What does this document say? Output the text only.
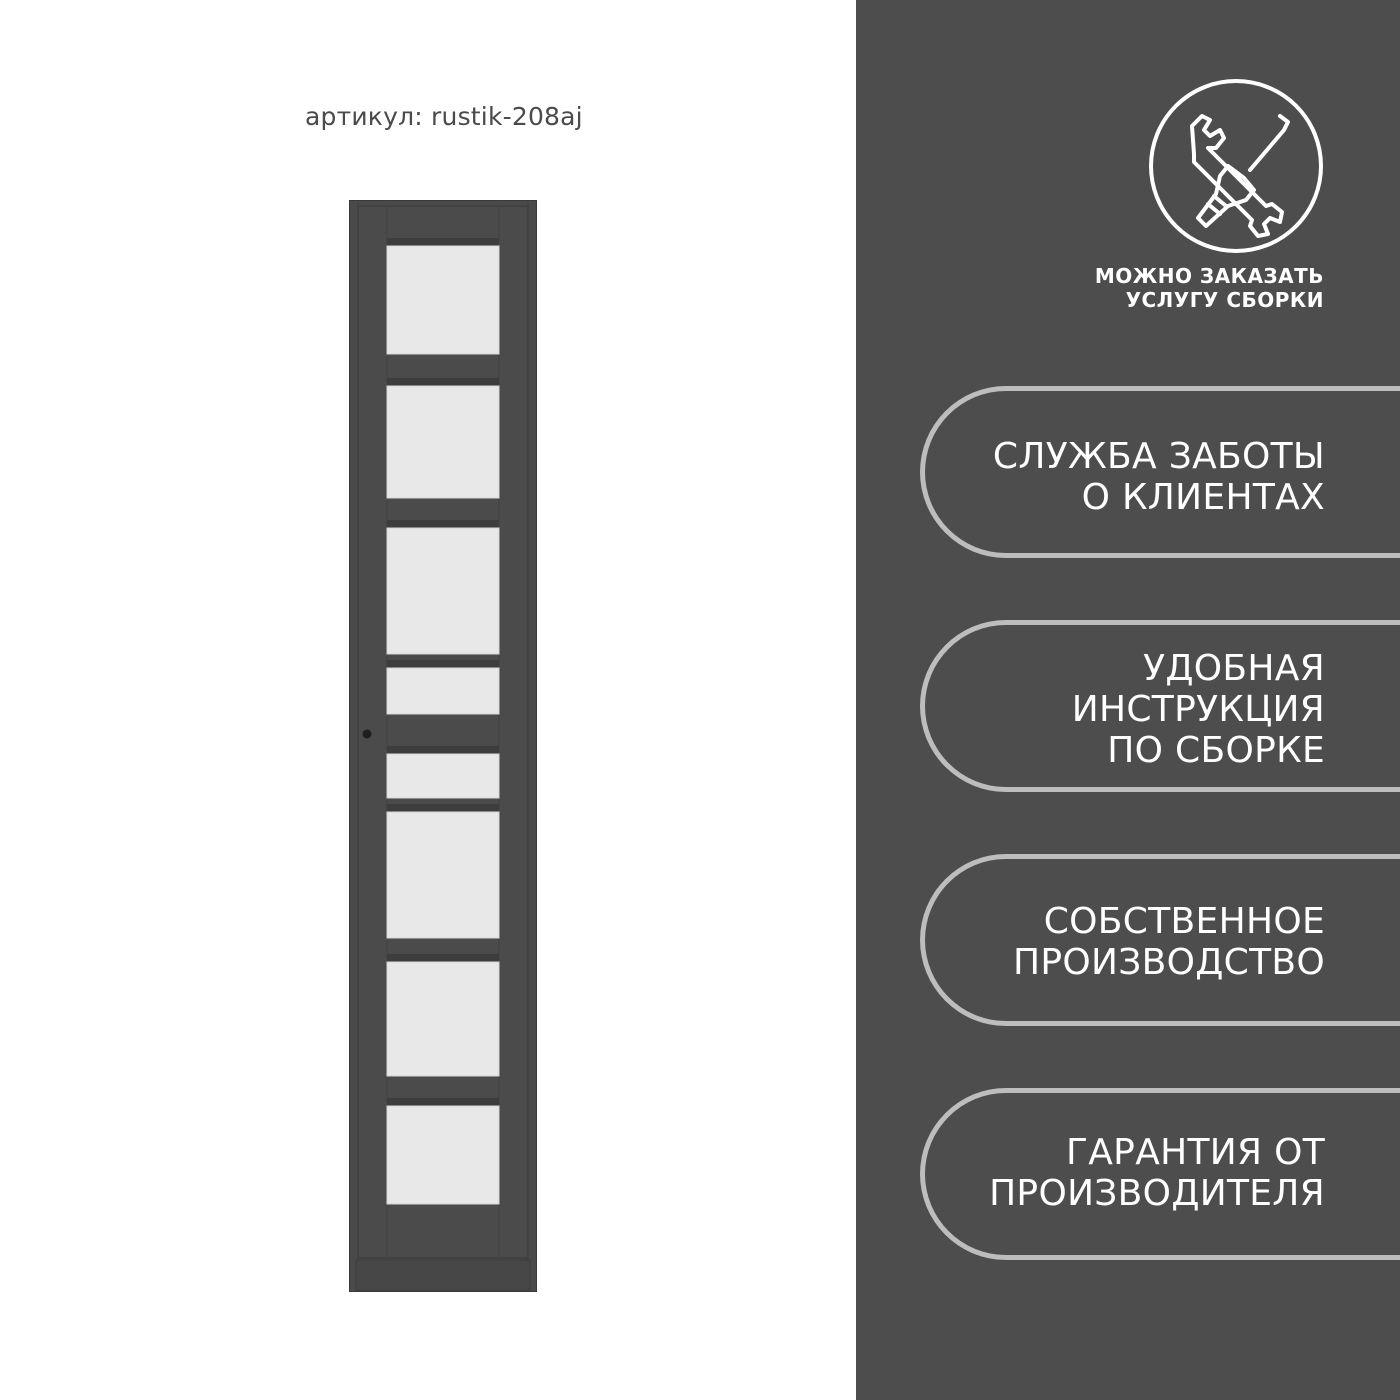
артикул: rustik-208aj
МОЖНО ЗАКАЗАТЬ
УСЛУГУ СБОРКИ
СЛУЖБА ЗАБОТЫ
О КЛИЕНТАХ
УДОБНАЯ
ИНСТРУКЦИЯ
ПО СБОРКЕ
СОБСТВЕННОЕ
ПРОИЗВОДСТВО
ГАРАНТИЯ ОТ
ПРОИЗВОДИТЕЛЯ
